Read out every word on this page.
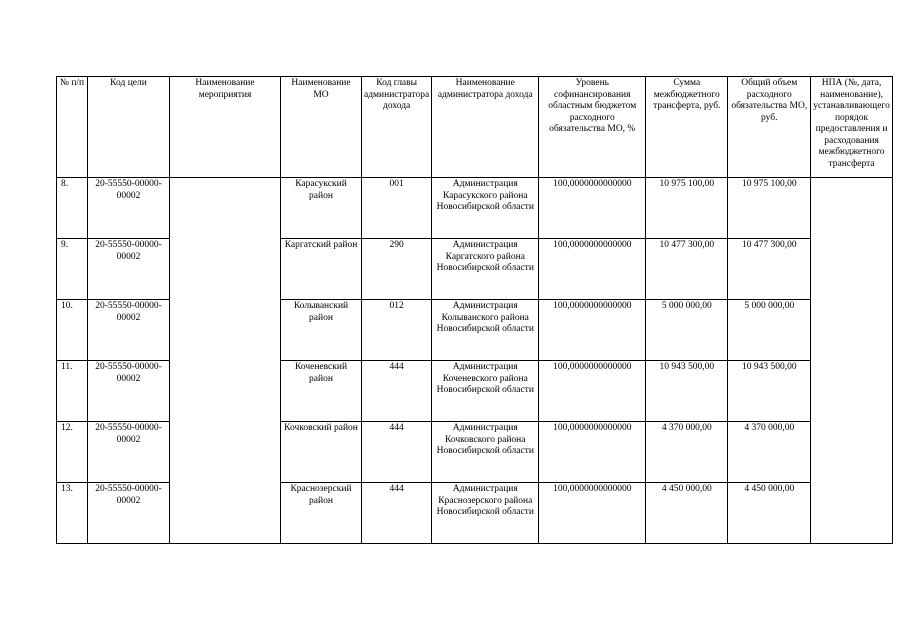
№ п/п	Код цели	Наименование мероприятия	Наименование МО	Код главы администратора дохода	Наименование администратора дохода	Уровень софинансирования областным бюджетом расходного обязательства МО, %	Сумма межбюджетного трансферта, руб.	Общий объем расходного обязательства МО, руб.	НПА (№, дата, наименование), устанавливающего порядок предоставления и расходования межбюджетного трансферта
8.	20-55550-00000-00002		Карасукский район	001	Администрация Карасукского района Новосибирской области	100,0000000000000	10 975 100,00	10 975 100,00	
9.	20-55550-00000-00002		Каргатский район	290	Администрация Каргатского района Новосибирской области	100,0000000000000	10 477 300,00	10 477 300,00	
10.	20-55550-00000-00002		Колыванский район	012	Администрация Колыванского района Новосибирской области	100,0000000000000	5 000 000,00	5 000 000,00	
11.	20-55550-00000-00002		Коченевский район	444	Администрация Коченевского района Новосибирской области	100,0000000000000	10 943 500,00	10 943 500,00	
12.	20-55550-00000-00002		Кочковский район	444	Администрация Кочковского района Новосибирской области	100,0000000000000	4 370 000,00	4 370 000,00	
13.	20-55550-00000-00002		Краснозерский район	444	Администрация Краснозерского района Новосибирской области	100,0000000000000	4 450 000,00	4 450 000,00	
